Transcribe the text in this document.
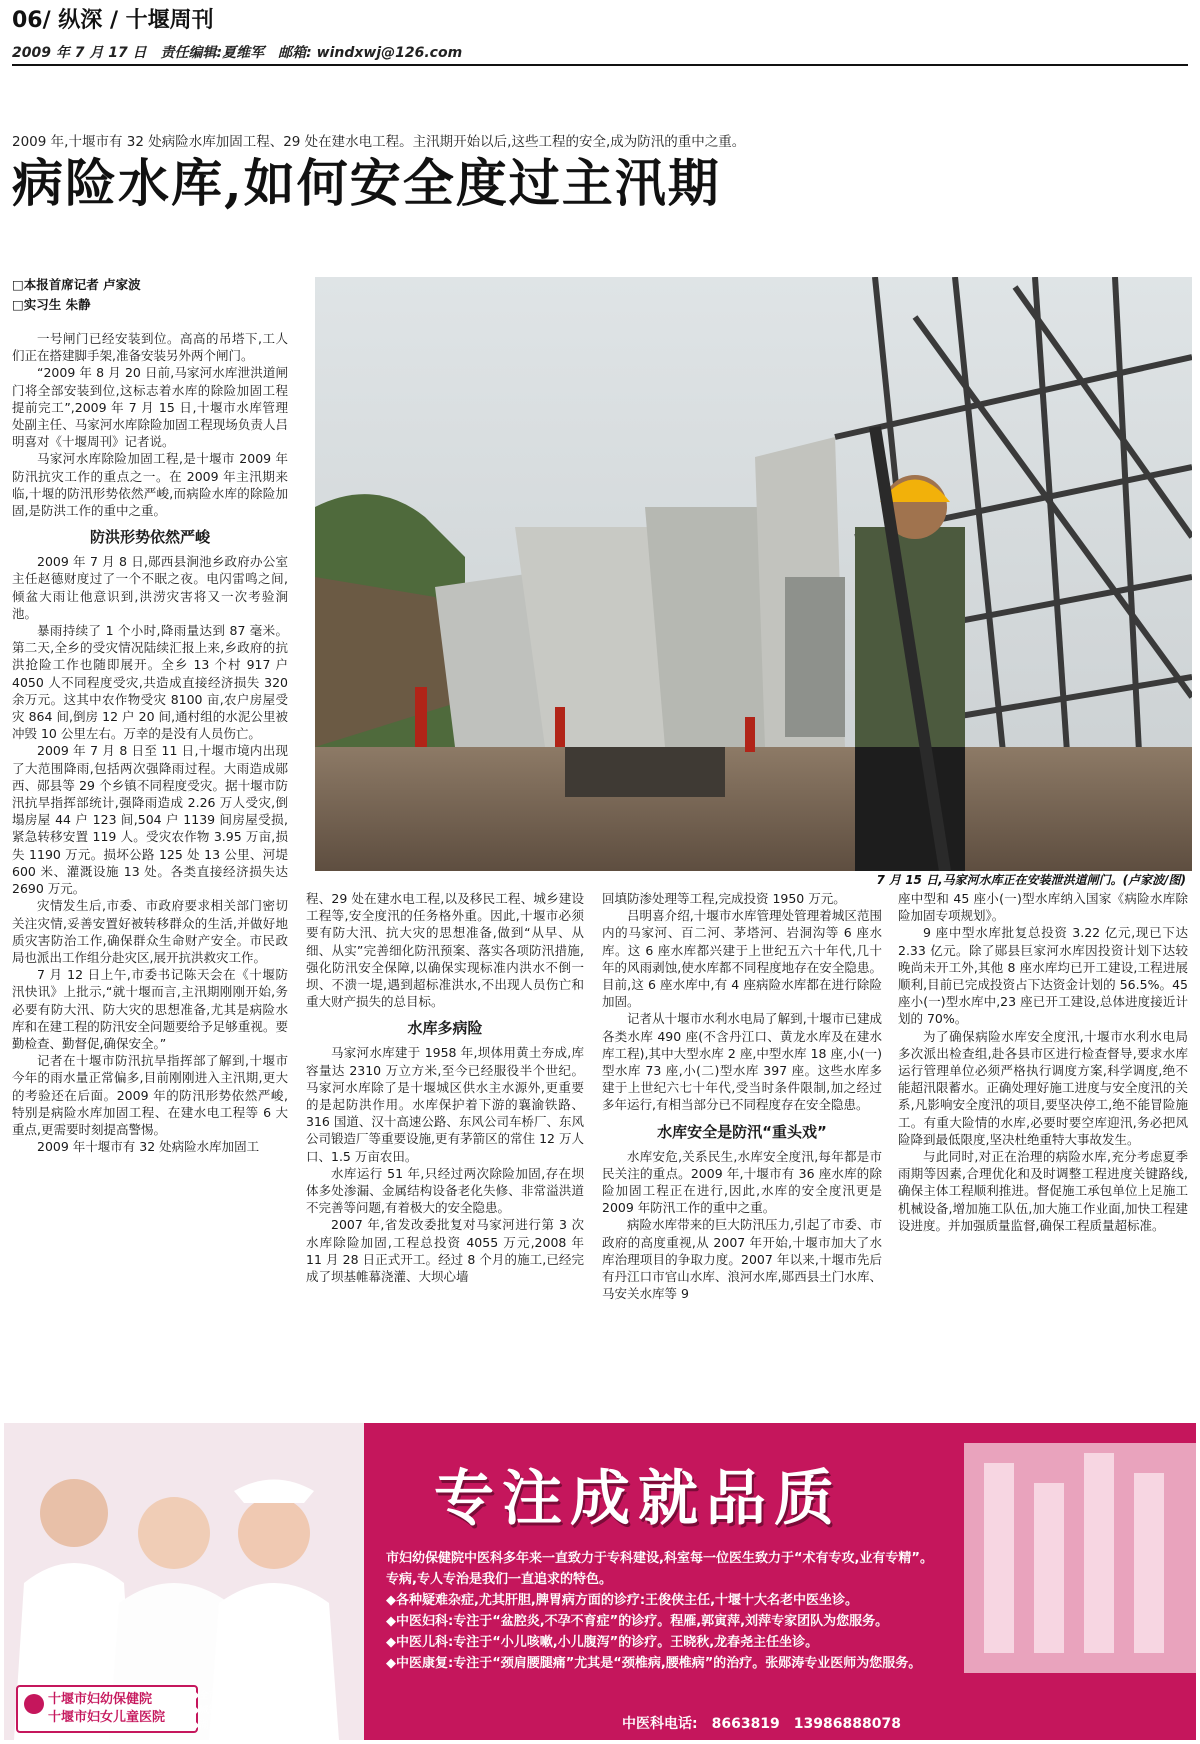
06/ 纵深 / 十堰周刊
2009 年 7 月 17 日　责任编辑:夏维军　邮箱: windxwj@126.com
2009 年,十堰市有 32 处病险水库加固工程、29 处在建水电工程。主汛期开始以后,这些工程的安全,成为防汛的重中之重。
病险水库,如何安全度过主汛期
□本报首席记者 卢家波
□实习生 朱静
7 月 15 日,马家河水库正在安装泄洪道闸门。(卢家波/图)

一号闸门已经安装到位。高高的吊塔下,工人们正在搭建脚手架,准备安装另外两个闸门。

“2009 年 8 月 20 日前,马家河水库泄洪道闸门将全部安装到位,这标志着水库的除险加固工程提前完工”,2009 年 7 月 15 日,十堰市水库管理处副主任、马家河水库除险加固工程现场负责人吕明喜对《十堰周刊》记者说。

马家河水库除险加固工程,是十堰市 2009 年防汛抗灾工作的重点之一。在 2009 年主汛期来临,十堰的防汛形势依然严峻,而病险水库的除险加固,是防洪工作的重中之重。

防洪形势依然严峻

2009 年 7 月 8 日,郧西县涧池乡政府办公室主任赵德财度过了一个不眠之夜。电闪雷鸣之间,倾盆大雨让他意识到,洪涝灾害将又一次考验涧池。

暴雨持续了 1 个小时,降雨量达到 87 毫米。第二天,全乡的受灾情况陆续汇报上来,乡政府的抗洪抢险工作也随即展开。全乡 13 个村 917 户 4050 人不同程度受灾,共造成直接经济损失 320 余万元。这其中农作物受灾 8100 亩,农户房屋受灾 864 间,倒房 12 户 20 间,通村组的水泥公里被冲毁 10 公里左右。万幸的是没有人员伤亡。

2009 年 7 月 8 日至 11 日,十堰市境内出现了大范围降雨,包括两次强降雨过程。大雨造成郧西、郧县等 29 个乡镇不同程度受灾。据十堰市防汛抗旱指挥部统计,强降雨造成 2.26 万人受灾,倒塌房屋 44 户 123 间,504 户 1139 间房屋受损,紧急转移安置 119 人。受灾农作物 3.95 万亩,损失 1190 万元。损坏公路 125 处 13 公里、河堤 600 米、灌溉设施 13 处。各类直接经济损失达 2690 万元。

灾情发生后,市委、市政府要求相关部门密切关注灾情,妥善安置好被转移群众的生活,并做好地质灾害防治工作,确保群众生命财产安全。市民政局也派出工作组分赴灾区,展开抗洪救灾工作。

7 月 12 日上午,市委书记陈天会在《十堰防汛快讯》上批示,“就十堰而言,主汛期刚刚开始,务必要有防大汛、防大灾的思想准备,尤其是病险水库和在建工程的防汛安全问题要给予足够重视。要勤检查、勤督促,确保安全。”

记者在十堰市防汛抗旱指挥部了解到,十堰市今年的雨水量正常偏多,目前刚刚进入主汛期,更大的考验还在后面。2009 年的防汛形势依然严峻,特别是病险水库加固工程、在建水电工程等 6 大重点,更需要时刻提高警惕。

2009 年十堰市有 32 处病险水库加固工

程、29 处在建水电工程,以及移民工程、城乡建设工程等,安全度汛的任务格外重。因此,十堰市必须要有防大汛、抗大灾的思想准备,做到“从早、从细、从实”完善细化防汛预案、落实各项防汛措施,强化防汛安全保障,以确保实现标准内洪水不倒一坝、不溃一堤,遇到超标准洪水,不出现人员伤亡和重大财产损失的总目标。

水库多病险

马家河水库建于 1958 年,坝体用黄土夯成,库容量达 2310 万立方米,至今已经服役半个世纪。马家河水库除了是十堰城区供水主水源外,更重要的是起防洪作用。水库保护着下游的襄渝铁路、316 国道、汉十高速公路、东风公司车桥厂、东风公司锻造厂等重要设施,更有茅箭区的常住 12 万人口、1.5 万亩农田。

水库运行 51 年,只经过两次除险加固,存在坝体多处渗漏、金属结构设备老化失修、非常溢洪道不完善等问题,有着极大的安全隐患。

2007 年,省发改委批复对马家河进行第 3 次水库除险加固,工程总投资 4055 万元,2008 年 11 月 28 日正式开工。经过 8 个月的施工,已经完成了坝基帷幕浇灌、大坝心墙

回填防渗处理等工程,完成投资 1950 万元。

吕明喜介绍,十堰市水库管理处管理着城区范围内的马家河、百二河、茅塔河、岩洞沟等 6 座水库。这 6 座水库都兴建于上世纪五六十年代,几十年的风雨剥蚀,使水库都不同程度地存在安全隐患。目前,这 6 座水库中,有 4 座病险水库都在进行除险加固。

记者从十堰市水利水电局了解到,十堰市已建成各类水库 490 座(不含丹江口、黄龙水库及在建水库工程),其中大型水库 2 座,中型水库 18 座,小(一)型水库 73 座,小(二)型水库 397 座。这些水库多建于上世纪六七十年代,受当时条件限制,加之经过多年运行,有相当部分已不同程度存在安全隐患。

水库安全是防汛“重头戏”

水库安危,关系民生,水库安全度汛,每年都是市民关注的重点。2009 年,十堰市有 36 座水库的除险加固工程正在进行,因此,水库的安全度汛更是 2009 年防汛工作的重中之重。

病险水库带来的巨大防汛压力,引起了市委、市政府的高度重视,从 2007 年开始,十堰市加大了水库治理项目的争取力度。2007 年以来,十堰市先后有丹江口市官山水库、浪河水库,郧西县土门水库、马安关水库等 9

座中型和 45 座小(一)型水库纳入国家《病险水库除险加固专项规划》。

9 座中型水库批复总投资 3.22 亿元,现已下达 2.33 亿元。除了郧县巨家河水库因投资计划下达较晚尚未开工外,其他 8 座水库均已开工建设,工程进展顺利,目前已完成投资占下达资金计划的 56.5%。45 座小(一)型水库中,23 座已开工建设,总体进度接近计划的 70%。

为了确保病险水库安全度汛,十堰市水利水电局多次派出检查组,赴各县市区进行检查督导,要求水库运行管理单位必须严格执行调度方案,科学调度,绝不能超汛限蓄水。正确处理好施工进度与安全度汛的关系,凡影响安全度汛的项目,要坚决停工,绝不能冒险施工。有重大险情的水库,必要时要空库迎汛,务必把风险降到最低限度,坚决杜绝重特大事故发生。

与此同时,对正在治理的病险水库,充分考虑夏季雨期等因素,合理优化和及时调整工程进度关键路线,确保主体工程顺利推进。督促施工承包单位上足施工机械设备,增加施工队伍,加大施工作业面,加快工程建设进度。并加强质量监督,确保工程质量超标准。

专注成就品质
市妇幼保健院中医科多年来一直致力于专科建设,科室每一位医生致力于“术有专攻,业有专精”。
专病,专人专治是我们一直追求的特色。
◆各种疑难杂症,尤其肝胆,脾胃病方面的诊疗:王俊侠主任,十堰十大名老中医坐诊。
◆中医妇科:专注于“盆腔炎,不孕不育症”的诊疗。程雁,郭寅萍,刘萍专家团队为您服务。
◆中医儿科:专注于“小儿咳嗽,小儿腹泻”的诊疗。王晓秋,龙春尧主任坐诊。
◆中医康复:专注于“颈肩腰腿痛”尤其是“颈椎病,腰椎病”的治疗。张郧涛专业医师为您服务。
中医科电话:　8663819　13986888078
十堰市妇幼保健院
十堰市妇女儿童医院
◆全市新型农村合作医疗定点医院
◆城镇职工基本医疗定点医院
◆湖北省三级优秀妇幼保健院
